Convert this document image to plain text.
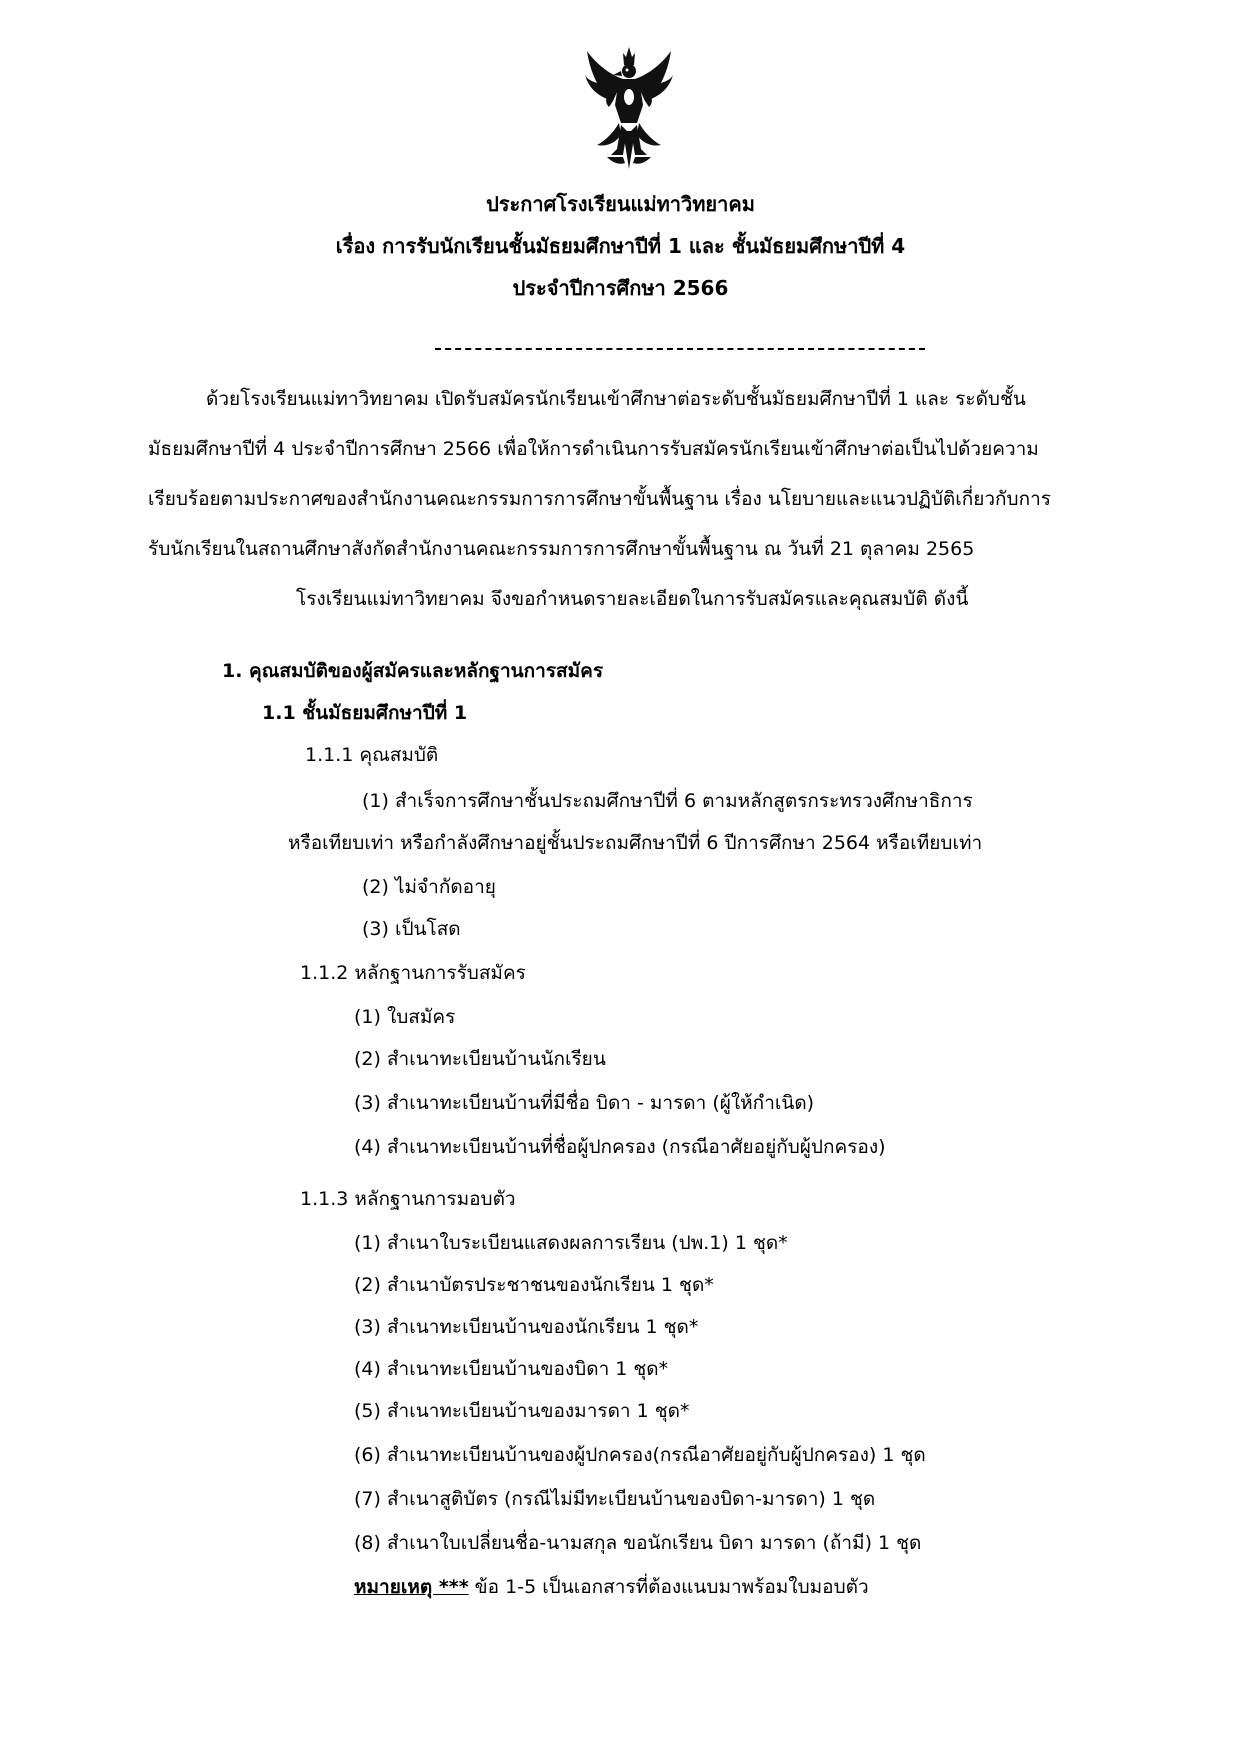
ประกาศโรงเรียนแม่ทาวิทยาคม
เรื่อง การรับนักเรียนชั้นมัธยมศึกษาปีที่ 1 และ ชั้นมัธยมศึกษาปีที่ 4
ประจำปีการศึกษา 2566
ด้วยโรงเรียนแม่ทาวิทยาคม เปิดรับสมัครนักเรียนเข้าศึกษาต่อระดับชั้นมัธยมศึกษาปีที่ 1 และ ระดับชั้น
มัธยมศึกษาปีที่ 4 ประจำปีการศึกษา 2566 เพื่อให้การดำเนินการรับสมัครนักเรียนเข้าศึกษาต่อเป็นไปด้วยความ
เรียบร้อยตามประกาศของสำนักงานคณะกรรมการการศึกษาขั้นพื้นฐาน เรื่อง นโยบายและแนวปฏิบัติเกี่ยวกับการ
รับนักเรียนในสถานศึกษาสังกัดสำนักงานคณะกรรมการการศึกษาขั้นพื้นฐาน ณ วันที่ 21 ตุลาคม 2565
โรงเรียนแม่ทาวิทยาคม จึงขอกำหนดรายละเอียดในการรับสมัครและคุณสมบัติ ดังนี้
1. คุณสมบัติของผู้สมัครและหลักฐานการสมัคร
1.1 ชั้นมัธยมศึกษาปีที่ 1
1.1.1 คุณสมบัติ
(1) สำเร็จการศึกษาชั้นประถมศึกษาปีที่ 6 ตามหลักสูตรกระทรวงศึกษาธิการ
หรือเทียบเท่า หรือกำลังศึกษาอยู่ชั้นประถมศึกษาปีที่ 6 ปีการศึกษา 2564 หรือเทียบเท่า
(2) ไม่จำกัดอายุ
(3) เป็นโสด
1.1.2 หลักฐานการรับสมัคร
(1) ใบสมัคร
(2) สำเนาทะเบียนบ้านนักเรียน
(3) สำเนาทะเบียนบ้านที่มีชื่อ บิดา - มารดา (ผู้ให้กำเนิด)
(4) สำเนาทะเบียนบ้านที่ชื่อผู้ปกครอง (กรณีอาศัยอยู่กับผู้ปกครอง)
1.1.3 หลักฐานการมอบตัว
(1) สำเนาใบระเบียนแสดงผลการเรียน (ปพ.1) 1 ชุด*
(2) สำเนาบัตรประชาชนของนักเรียน 1 ชุด*
(3) สำเนาทะเบียนบ้านของนักเรียน 1 ชุด*
(4) สำเนาทะเบียนบ้านของบิดา 1 ชุด*
(5) สำเนาทะเบียนบ้านของมารดา 1 ชุด*
(6) สำเนาทะเบียนบ้านของผู้ปกครอง(กรณีอาศัยอยู่กับผู้ปกครอง) 1 ชุด
(7) สำเนาสูติบัตร (กรณีไม่มีทะเบียนบ้านของบิดา-มารดา) 1 ชุด
(8) สำเนาใบเปลี่ยนชื่อ-นามสกุล ขอนักเรียน บิดา มารดา (ถ้ามี) 1 ชุด
หมายเหตุ *** ข้อ 1-5 เป็นเอกสารที่ต้องแนบมาพร้อมใบมอบตัว
